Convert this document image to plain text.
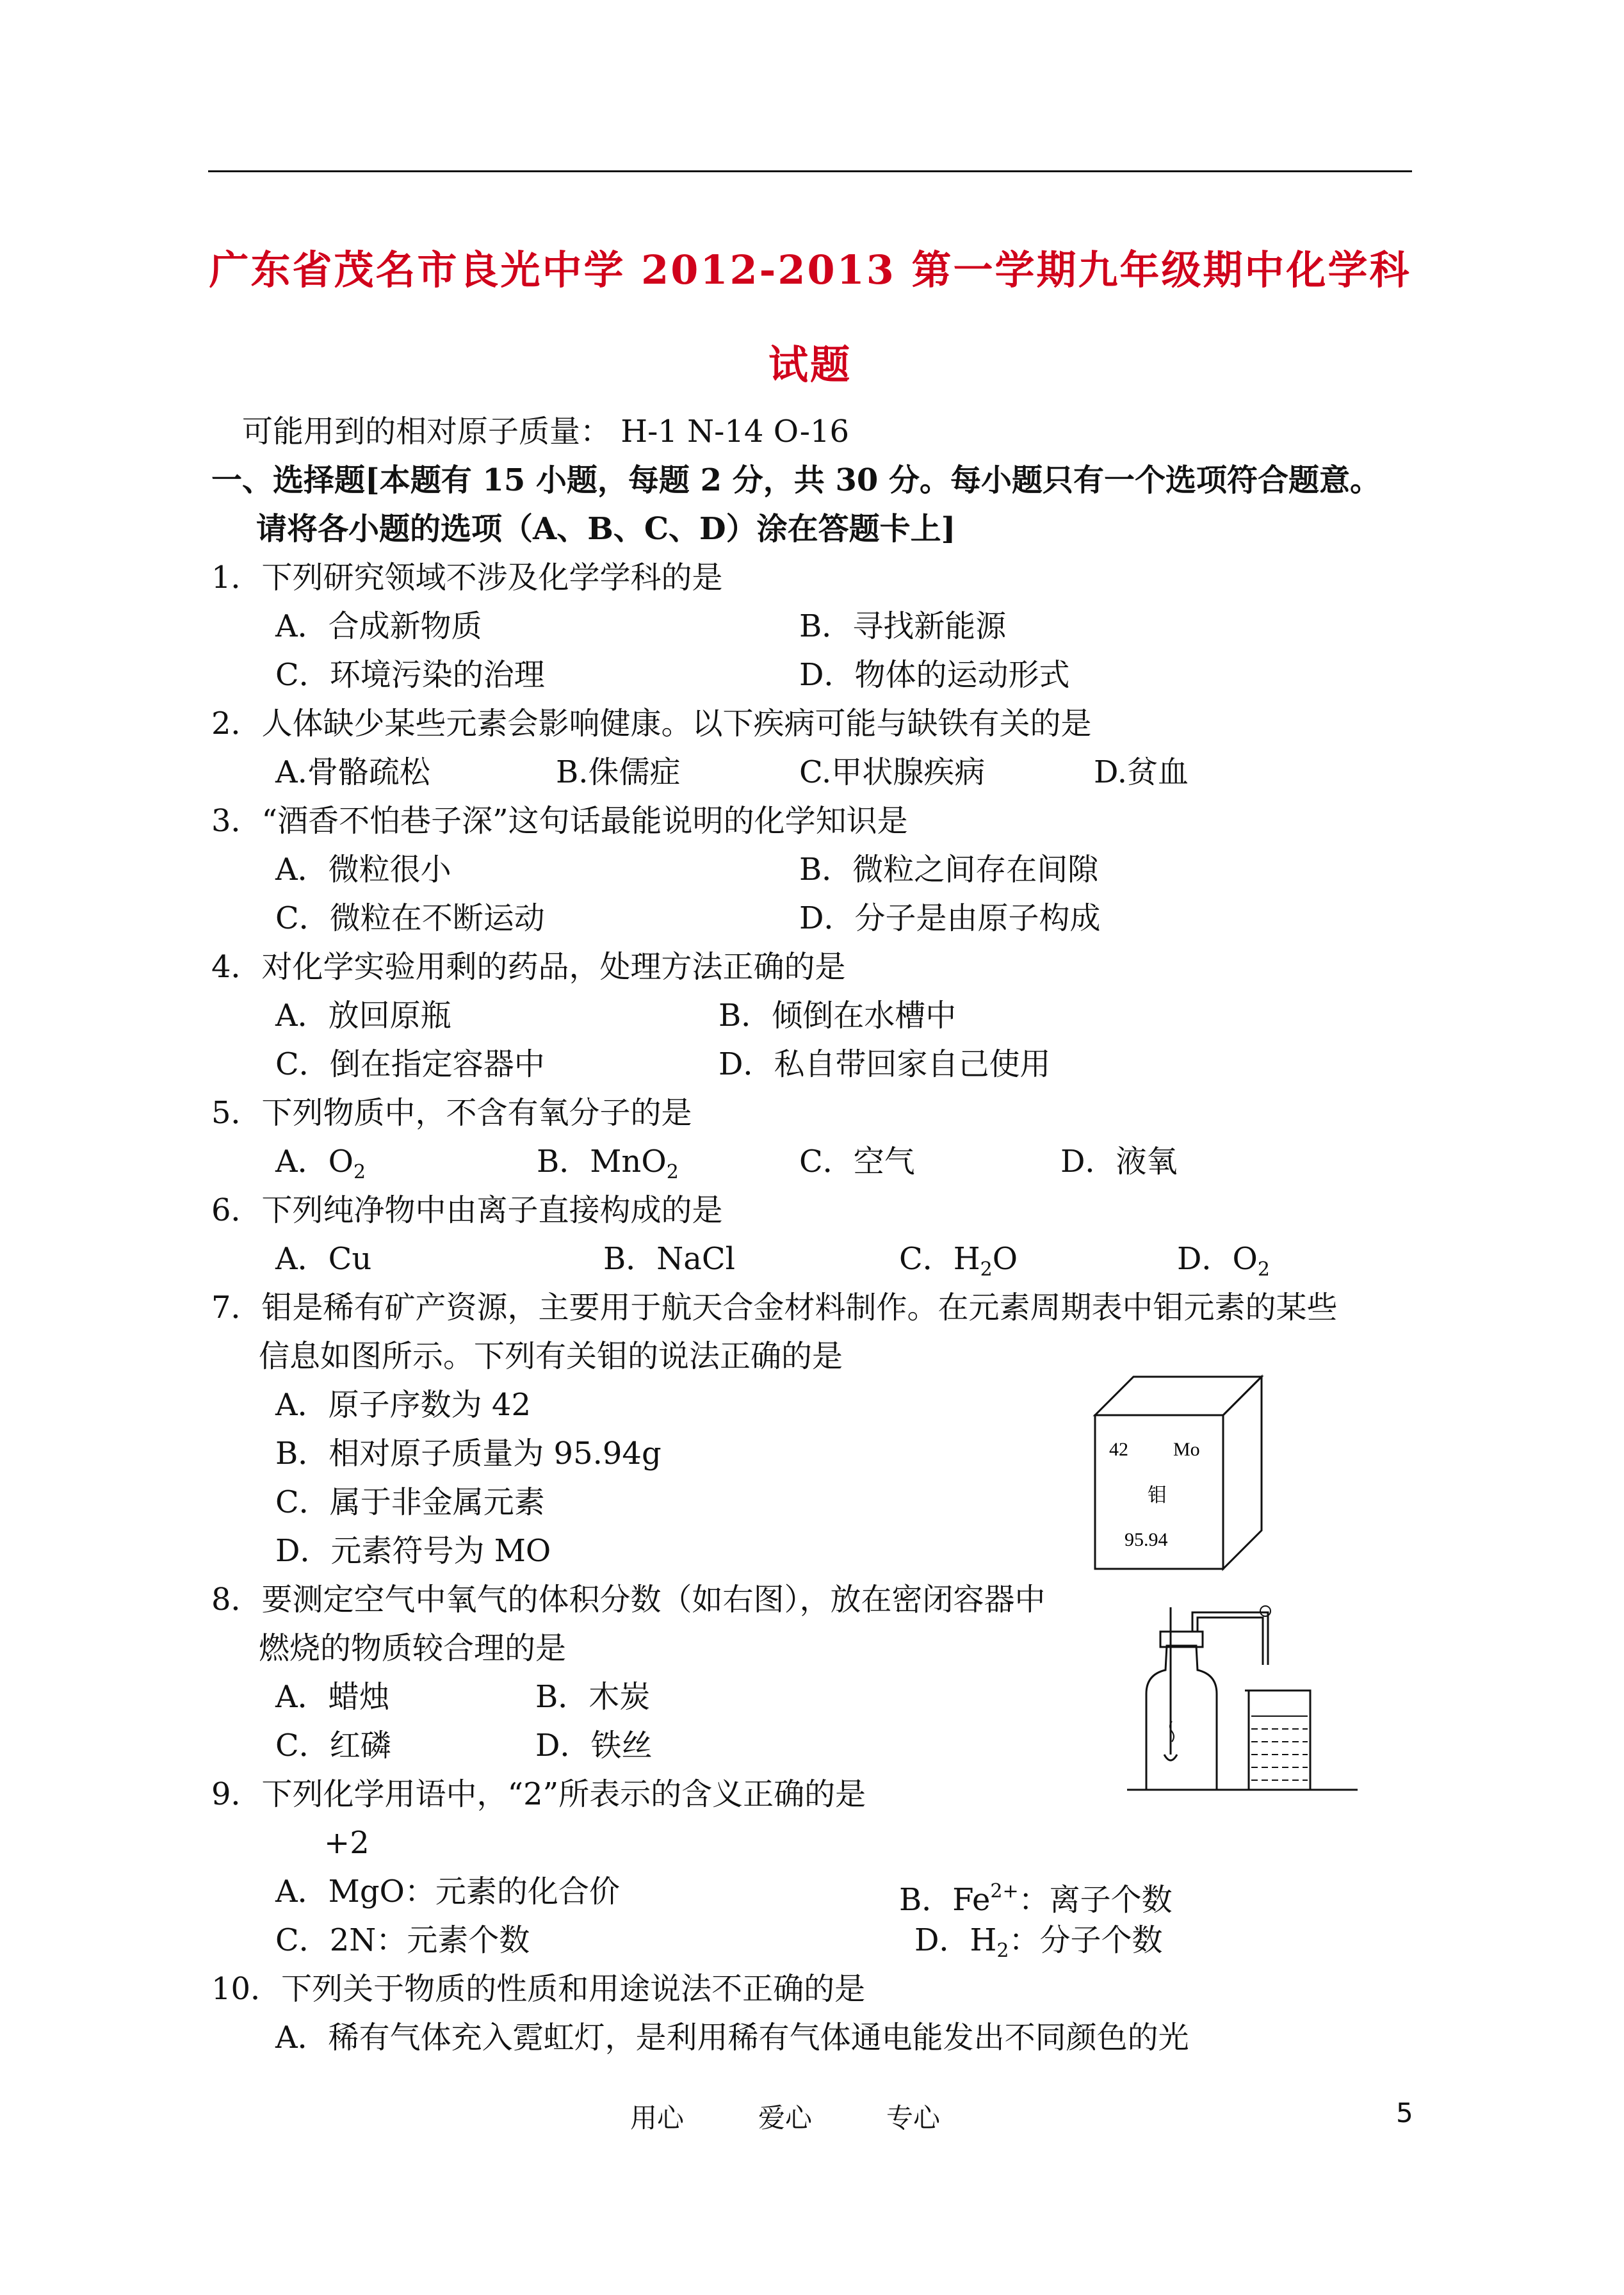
广东省茂名市良光中学 2012-2013 第一学期九年级期中化学科
试题
可能用到的相对原子质量： H-1 N-14 O-16
一、选择题[本题有 15 小题，每题 2 分，共 30 分。每小题只有一个选项符合题意。
请将各小题的选项（A、B、C、D）涂在答题卡上]
1．下列研究领域不涉及化学学科的是
A．合成新物质	B．寻找新能源
C．环境污染的治理	D．物体的运动形式
2．人体缺少某些元素会影响健康。以下疾病可能与缺铁有关的是
A.骨骼疏松	B.侏儒症	C.甲状腺疾病	D.贫血
3．“酒香不怕巷子深”这句话最能说明的化学知识是
A．微粒很小	B．微粒之间存在间隙
C．微粒在不断运动	D．分子是由原子构成
4．对化学实验用剩的药品，处理方法正确的是
A．放回原瓶	B．倾倒在水槽中
C．倒在指定容器中	D．私自带回家自己使用
5．下列物质中，不含有氧分子的是
A．$O_2$	B．MnO$_2$	C．空气	D．液氧
6．下列纯净物中由离子直接构成的是
A．Cu	B．NaCl	C．$H_2O$	D．$O_2$
7．钼是稀有矿产资源，主要用于航天合金材料制作。在元素周期表中钼元素的某些
信息如图所示。下列有关钼的说法正确的是
A．原子序数为 42
B．相对原子质量为 95.94g
C．属于非金属元素
D．元素符号为 MO
42 Mo
钼
95.94
8．要测定空气中氧气的体积分数（如右图），放在密闭容器中
燃烧的物质较合理的是
A．蜡烛	B．木炭
C．红磷	D．铁丝
9．下列化学用语中，“2”所表示的含义正确的是
+2
A．MgO：元素的化合价	B．$Fe^{2+}$：离子个数
C．2N：元素个数	D．$H_2$：分子个数
10．下列关于物质的性质和用途说法不正确的是
A．稀有气体充入霓虹灯，是利用稀有气体通电能发出不同颜色的光
用心	爱心	专心	5
